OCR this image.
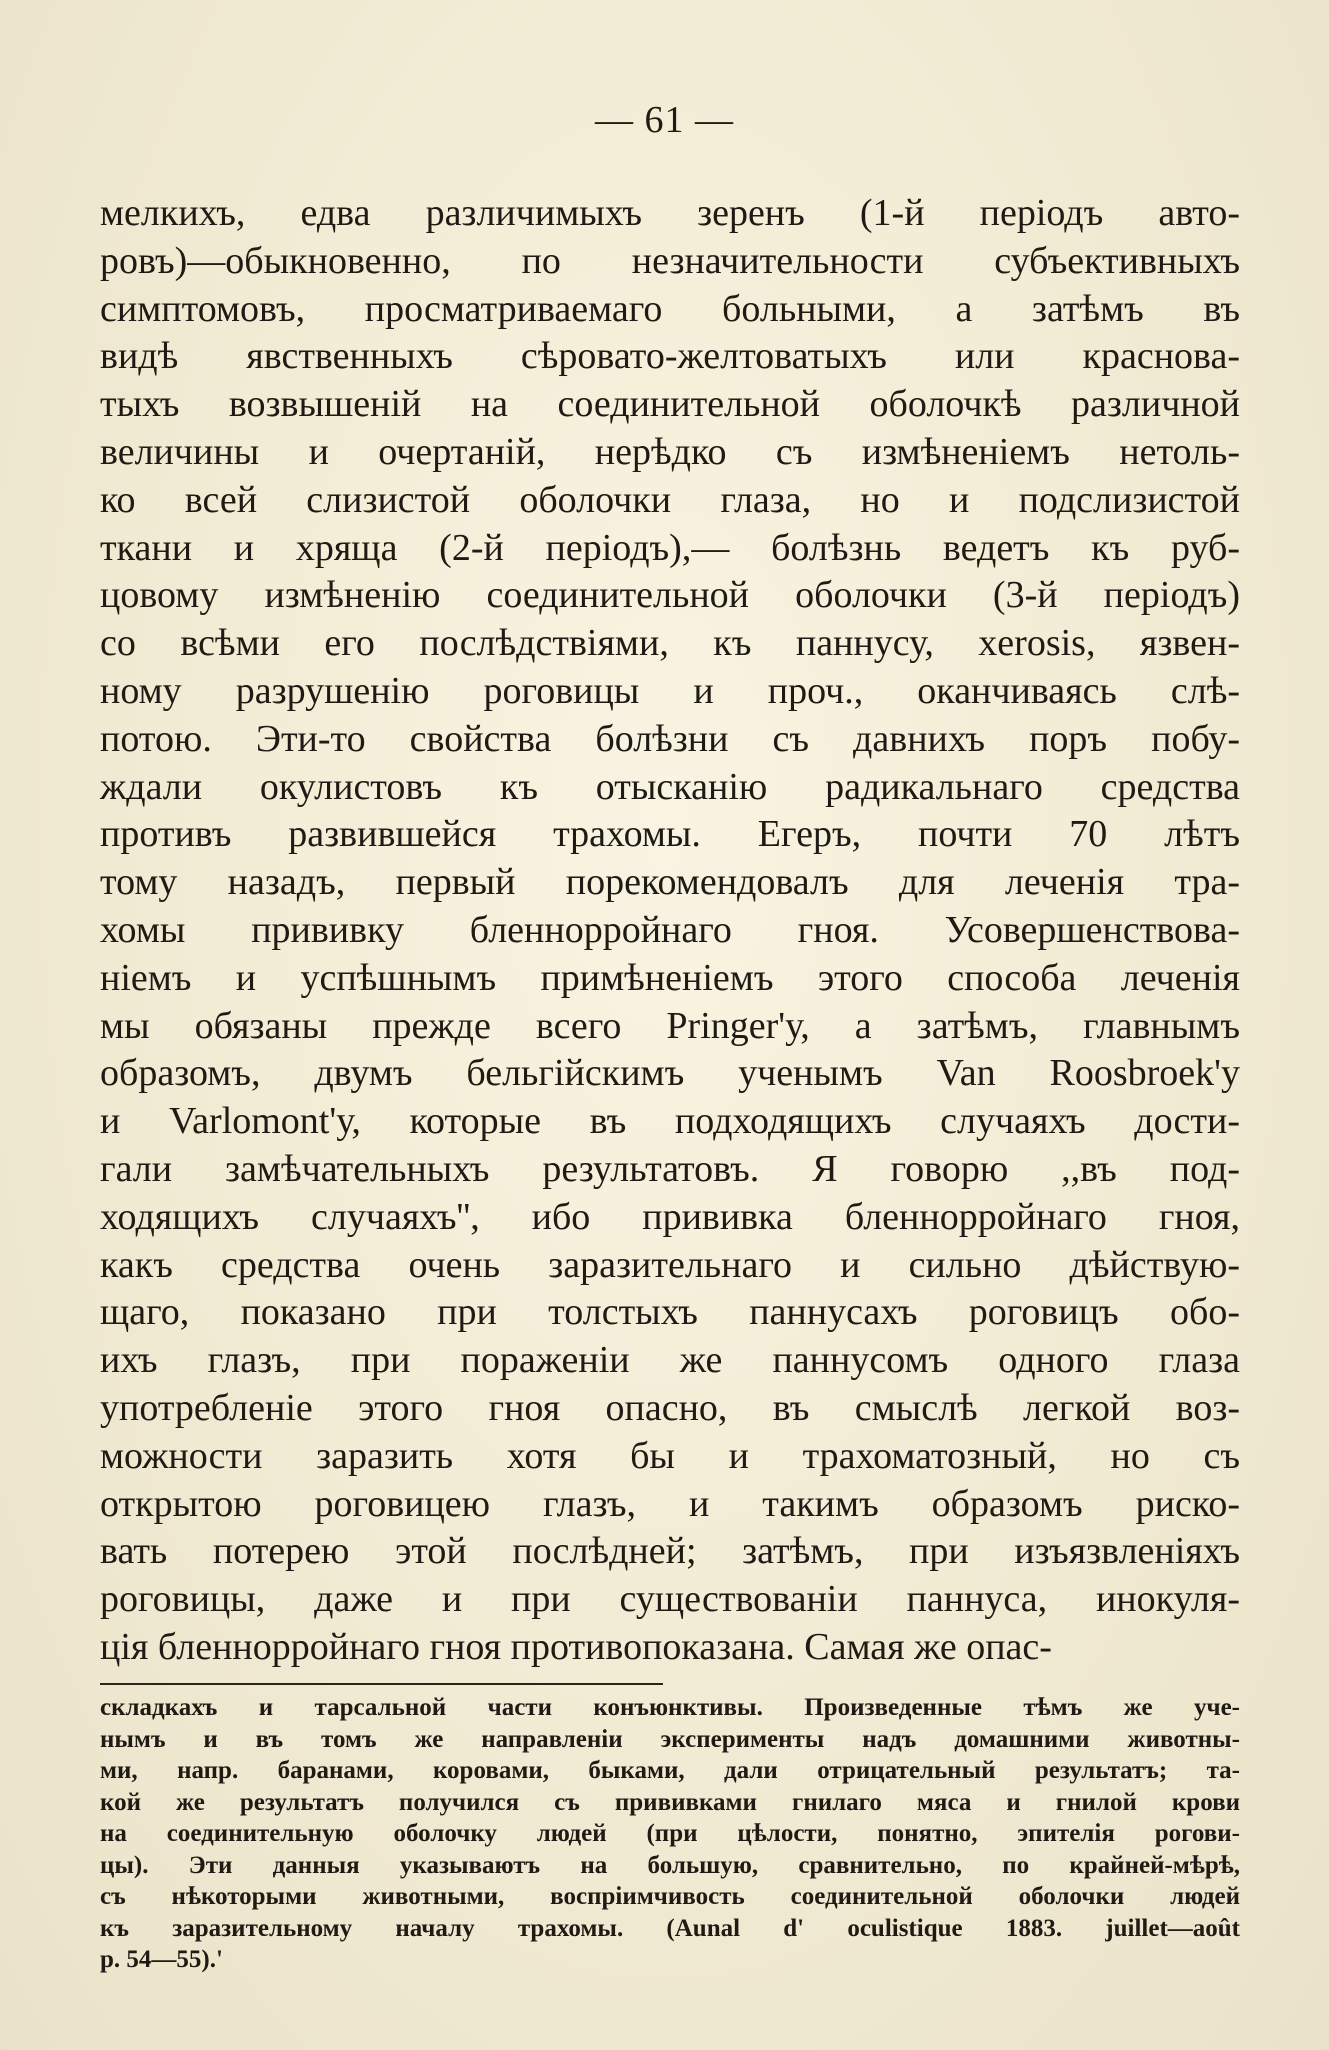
— 61 —
мелкихъ, едва различимыхъ зеренъ (1-й періодъ авто-
ровъ)—обыкновенно, по незначительности субъективныхъ
симптомовъ, просматриваемаго больными, а затѣмъ въ
видѣ явственныхъ сѣровато-желтоватыхъ или краснова-
тыхъ возвышеній на соединительной оболочкѣ различной
величины и очертаній, нерѣдко съ измѣненіемъ нетоль-
ко всей слизистой оболочки глаза, но и подслизистой
ткани и хряща (2-й періодъ),— болѣзнь ведетъ къ руб-
цовому измѣненію соединительной оболочки (3-й періодъ)
со всѣми его послѣдствіями, къ паннусу, xerosis, язвен-
ному разрушенію роговицы и проч., оканчиваясь слѣ-
потою. Эти-то свойства болѣзни съ давнихъ поръ побу-
ждали окулистовъ къ отысканію радикальнаго средства
противъ развившейся трахомы. Егеръ, почти 70 лѣтъ
тому назадъ, первый порекомендовалъ для леченія тра-
хомы прививку бленнорройнаго гноя. Усовершенствова-
ніемъ и успѣшнымъ примѣненіемъ этого способа леченія
мы обязаны прежде всего Pringer'у, а затѣмъ, главнымъ
образомъ, двумъ бельгійскимъ ученымъ Van Roosbroek'у
и Varlomont'у, которые въ подходящихъ случаяхъ дости-
гали замѣчательныхъ результатовъ. Я говорю ,,въ под-
ходящихъ случаяхъ'', ибо прививка бленнорройнаго гноя,
какъ средства очень заразительнаго и сильно дѣйствую-
щаго, показано при толстыхъ паннусахъ роговицъ обо-
ихъ глазъ, при пораженіи же паннусомъ одного глаза
употребленіе этого гноя опасно, въ смыслѣ легкой воз-
можности заразить хотя бы и трахоматозный, но съ
открытою роговицею глазъ, и такимъ образомъ риско-
вать потерею этой послѣдней; затѣмъ, при изъязвленіяхъ
роговицы, даже и при существованіи паннуса, инокуля-
ція бленнорройнаго гноя противопоказана. Самая же опас-
складкахъ и тарсальной части конъюнктивы. Произведенные тѣмъ же уче-
нымъ и въ томъ же направленіи эксперименты надъ домашними животны-
ми, напр. баранами, коровами, быками, дали отрицательный результатъ; та-
кой же результатъ получился съ прививками гнилаго мяса и гнилой крови
на соединительную оболочку людей (при цѣлости, понятно, эпителія рогови-
цы). Эти данныя указываютъ на большую, сравнительно, по крайней-мѣрѣ,
съ нѣкоторыми животными, воспріимчивость соединительной оболочки людей
къ заразительному началу трахомы. (Aunal d' oculistique 1883. juillet—août
p. 54—55).'
